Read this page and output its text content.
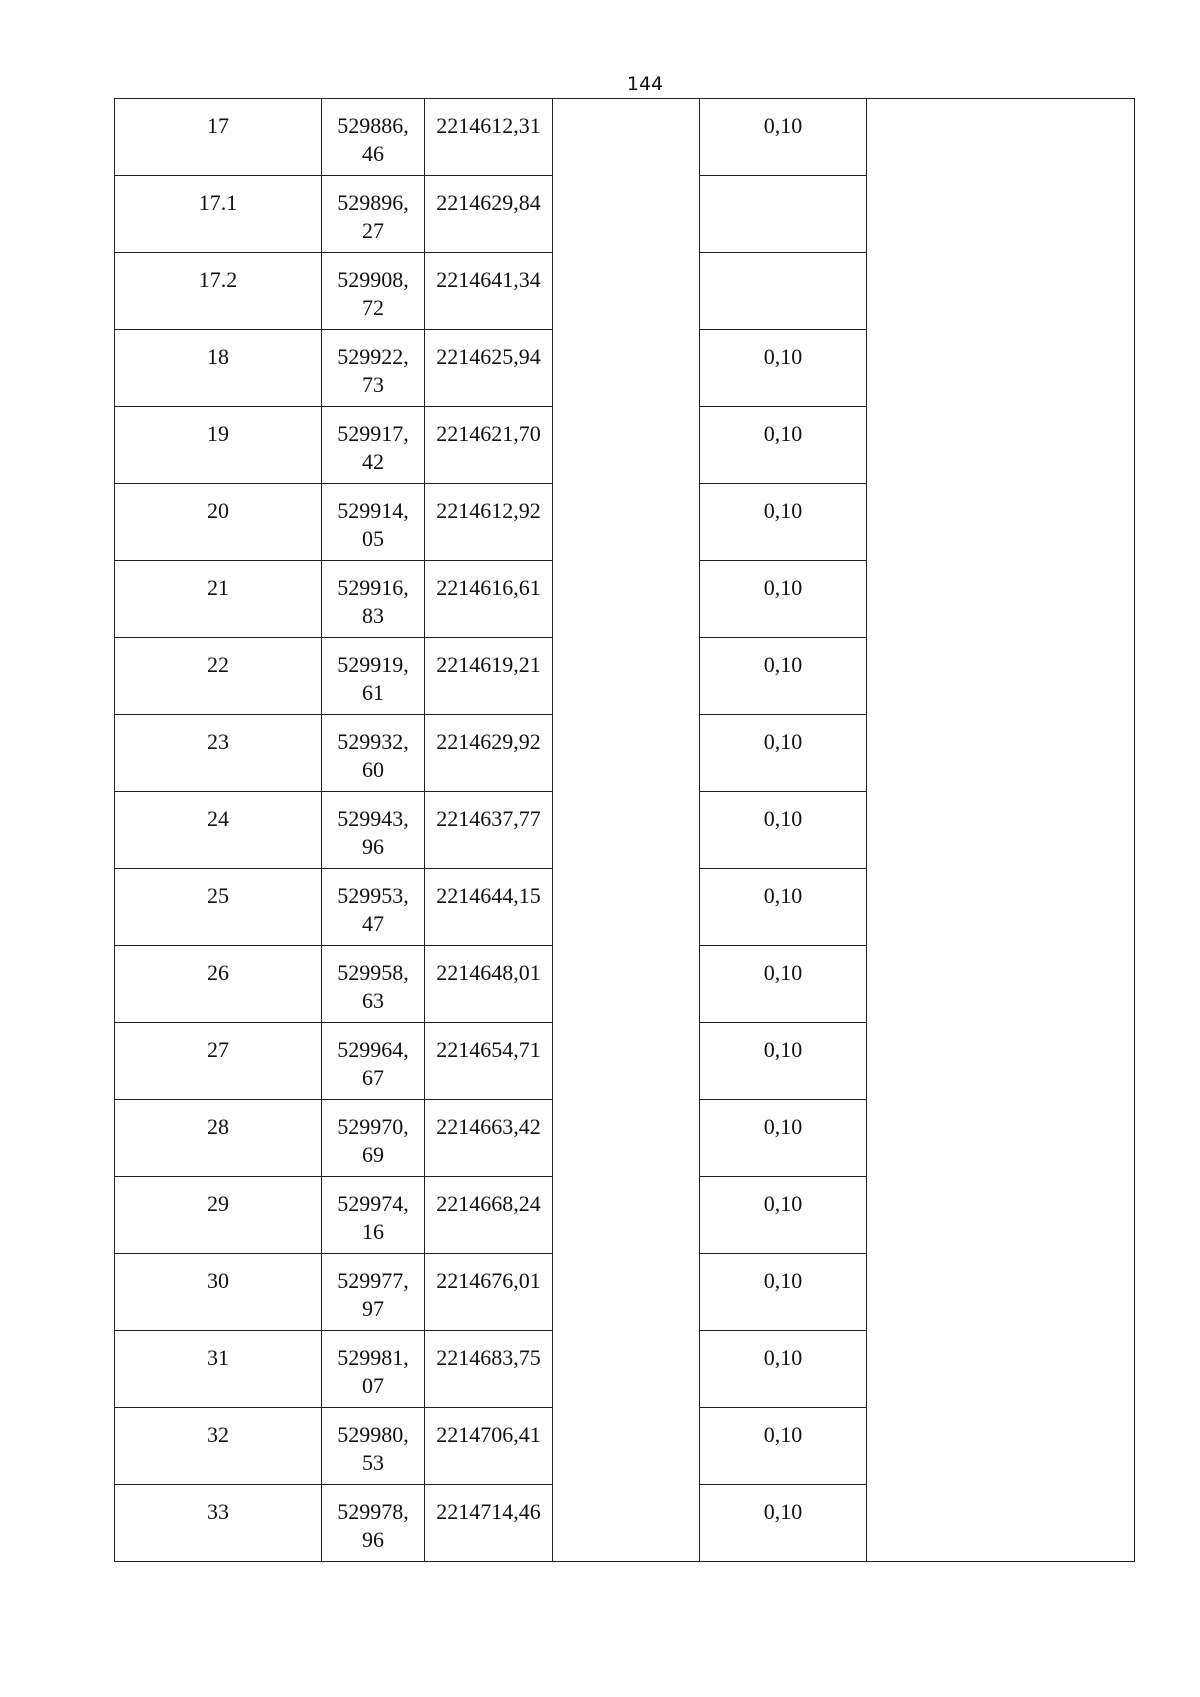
144
17	529886,
46	2214612,31		0,10	

17.1	529896,
27	2214629,84			

17.2	529908,
72	2214641,34			

18	529922,
73	2214625,94		0,10	

19	529917,
42	2214621,70		0,10	

20	529914,
05	2214612,92		0,10	

21	529916,
83	2214616,61		0,10	

22	529919,
61	2214619,21		0,10	

23	529932,
60	2214629,92		0,10	

24	529943,
96	2214637,77		0,10	

25	529953,
47	2214644,15		0,10	

26	529958,
63	2214648,01		0,10	

27	529964,
67	2214654,71		0,10	

28	529970,
69	2214663,42		0,10	

29	529974,
16	2214668,24		0,10	

30	529977,
97	2214676,01		0,10	

31	529981,
07	2214683,75		0,10	

32	529980,
53	2214706,41		0,10	

33	529978,
96	2214714,46		0,10	
